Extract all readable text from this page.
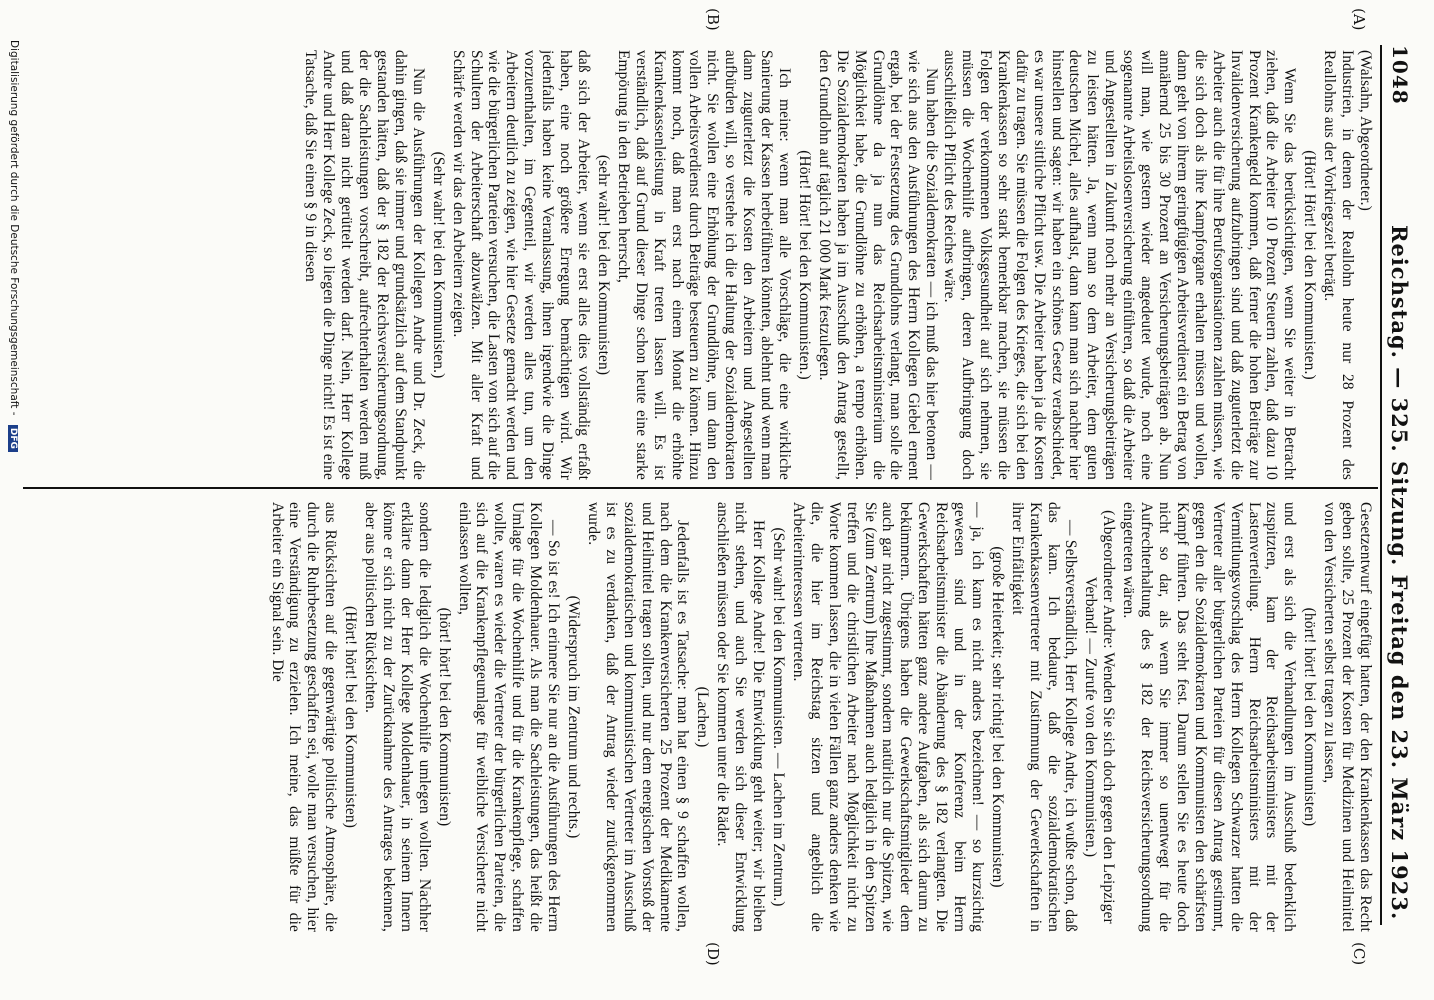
1048
Reichstag. — 325. Sitzung. Freitag den 23. März 1923.
(A)
(B)
(C)
(D)

(Walsahn, Abgeordneter.)

Industrien, in denen der Reallohn heute nur 28 Prozent des Reallohns aus der Vorkriegszeit beträgt.

(Hört! Hört! bei den Kommunisten.)

Wenn Sie das berücksichtigen, wenn Sie weiter in Betracht ziehen, daß die Arbeiter 10 Prozent Steuern zahlen, daß dazu 10 Prozent Krankengeld kommen, daß ferner die hohen Beiträge zur Invalidenversicherung aufzubringen sind und daß zuguterletzt die Arbeiter auch die für ihre Berufsorganisationen zahlen müssen, wie die sich doch als ihre Kampforgane erhalten müssen und wollen, dann geht von ihrem geringfügigen Arbeitsverdienst ein Betrag von annähernd 25 bis 30 Prozent an Versicherungsbeiträgen ab. Nun will man, wie gestern wieder angedeutet wurde, noch eine sogenannte Arbeitslosenversicherung einführen, so daß die Arbeiter und Angestellten in Zukunft noch mehr an Versicherungsbeiträgen zu leisten hätten. Ja, wenn man so dem Arbeiter, dem guten deutschen Michel, alles aufhalst, dann kann man sich nachher hier hinstellen und sagen: wir haben ein schönes Gesetz verabschiedet, es war unsere sittliche Pflicht usw. Die Arbeiter haben ja die Kosten dafür zu tragen. Sie müssen die Folgen des Krieges, die sich bei den Krankenkassen so sehr stark bemerkbar machen, sie müssen die Folgen der verkommenen Volksgesundheit auf sich nehmen, sie müssen die Wochenhilfe aufbringen, deren Aufbringung doch ausschließlich Pflicht des Reiches wäre.

Nun haben die Sozialdemokraten — ich muß das hier betonen — wie sich aus den Ausführungen des Herrn Kollegen Giebel ernent ergab, bei der Festsetzung des Grundlohns verlangt, man solle die Grundlöhne da ja nun das Reichsarbeitsministerium die Möglichkeit habe, die Grundlöhne zu erhöhen, a tempo erhöhen. Die Sozialdemokraten haben ja im Ausschuß den Antrag gestellt, den Grundlohn auf täglich 21 000 Mark festzulegen.

(Hört! Hört! bei den Kommunisten.)

Ich meine: wenn man alle Vorschläge, die eine wirkliche Sanierung der Kassen herbeiführen könnten, ablehnt und wenn man dann zuguterletzt die Kosten den Arbeitern und Angestellten aufbürden will, so verstehe ich die Haltung der Sozialdemokraten nicht. Sie wollen eine Erhöhung der Grundlöhne, um dann den vollen Arbeitsverdienst durch Beiträge besteuern zu können. Hinzu kommt noch, daß man erst nach einem Monat die erhöhte Krankenkassenleistung in Kraft treten lassen will. Es ist verständlich, daß auf Grund dieser Dinge schon heute eine starke Empörung in den Betrieben herrscht,

(sehr wahr! bei den Kommunisten)

daß sich der Arbeiter, wenn sie erst alles dies vollständig erfaßt haben, eine noch größere Erregung bemächtigen wird. Wir jedenfalls haben keine Veranlassung, ihnen irgendwie die Dinge vorzuenthalten, im Gegenteil, wir werden alles tun, um den Arbeitern deutlich zu zeigen, wie hier Gesetze gemacht werden und wie die bürgerlichen Parteien versuchen, die Lasten von sich auf die Schultern der Arbeiterschaft abzuwälzen. Mit aller Kraft und Schärfe werden wir das den Arbeitern zeigen.

(Sehr wahr! bei den Kommunisten.)

Nun die Ausführungen der Kollegen Andre und Dr. Zeck, die dahin gingen, daß sie immer und grundsätzlich auf dem Standpunkt gestanden hätten, daß der § 182 der Reichsversicherungsordnung, der die Sachleistungen vorschreibt, aufrechterhalten werden muß und daß daran nicht gerüttelt werden darf. Nein, Herr Kollege Andre und Herr Kollege Zeck, so liegen die Dinge nicht! Es ist eine Tatsache, daß Sie einen § 9 in diesen

Gesetzentwurf eingefügt hatten, der den Krankenkassen das Recht geben sollte, 25 Prozent der Kosten für Medizinen und Heilmittel von den Versicherten selbst tragen zu lassen,

(hört! hört! bei den Kommunisten)

und erst als sich die Verhandlungen im Ausschuß bedenklich zuspitzten, kam der Reichsarbeitsministers mit der Lastenverteilung. Herrn Reichsarbeitsministers mit der Vermittlungsvorschlag des Herrn Kollegen Schwarzer hatten die Vertreter aller bürgerlichen Parteien für diesen Antrag gestimmt, gegen den die Sozialdemokraten und Kommunisten den schärfsten Kampf führten. Das steht fest. Darum stellen Sie es heute doch nicht so dar, als wenn Sie immer so unentwegt für die Aufrechterhaltung des § 182 der Reichsversicherungsordnung eingetreten wären.

(Abgeordneter Andre: Wenden Sie sich doch gegen den Leipziger Verband! — Zurufe von den Kommunisten.)

— Selbstverständlich, Herr Kollege Andre, ich wußte schon, daß das kam. Ich bedaure, daß die sozialdemokratischen Krankenkassenvertreter mit Zustimmung der Gewerkschaften in ihrer Einfältigkeit

(große Heiterkeit; sehr richtig! bei den Kommunisten)

— ja, ich kann es nicht anders bezeichnen! — so kurzsichtig gewesen sind und in der Konferenz beim Herrn Reichsarbeitsminister die Abänderung des § 182 verlangten. Die Gewerkschaften hätten ganz andere Aufgaben, als sich darum zu bekümmern. Übrigens haben die Gewerkschaftsmitglieder dem auch gar nicht zugestimmt, sondern natürlich nur die Spitzen, wie Sie (zum Zentrum) Ihre Maßnahmen auch lediglich in den Spitzen treffen und die christlichen Arbeiter nach Möglichkeit nicht zu Worte kommen lassen, die in vielen Fällen ganz anders denken wie die, die hier im Reichstag sitzen und angeblich die Arbeiterinteressen vertreten.

(Sehr wahr! bei den Kommunisten. — Lachen im Zentrum.)

Herr Kollege Andre! Die Entwicklung geht weiter; wir bleiben nicht stehen, und auch Sie werden sich dieser Entwicklung anschließen müssen oder Sie kommen unter die Räder.

(Lachen.)

Jedenfalls ist es Tatsache: man hat einen § 9 schaffen wollen, nach dem die Krankenversicherten 25 Prozent der Medikamente und Heilmittel tragen sollten, und nur dem energischen Vorstoß der sozialdemokratischen und kommunistischen Vertreter im Ausschuß ist es zu verdanken, daß der Antrag wieder zurückgenommen wurde.

(Widerspruch im Zentrum und rechts.)

— So ist es! Ich erinnere Sie nur an die Ausführungen des Herrn Kollegen Moldenhauer. Als man die Sachleistungen, das heißt die Umlage für die Wochenhilfe und für die Krankenpflege, schaffen wollte, waren es wieder die Vertreter der bürgerlichen Parteien, die sich auf die Krankenpflegeumlage für weibliche Versicherte nicht einlassen wollten,

(hört! hört! bei den Kommunisten)

sondern die lediglich die Wochenhilfe umlegen wollten. Nachher erklärte dann der Herr Kollege Moldenhauer, in seinem Innern könne er sich nicht zu der Zurücknahme des Antrages bekennen, aber aus politischen Rücksichten.

(Hört! hört! bei den Kommunisten)

aus Rücksichten auf die gegenwärtige politische Atmosphäre, die durch die Ruhrbesetzung geschaffen sei, wolle man versuchen, hier eine Verständigung zu erzielen. Ich meine, das müßte für die Arbeiter ein Signal sein. Die

Digitalisierung gefördert durch die Deutsche Forschungsgemeinschaft - DFG
